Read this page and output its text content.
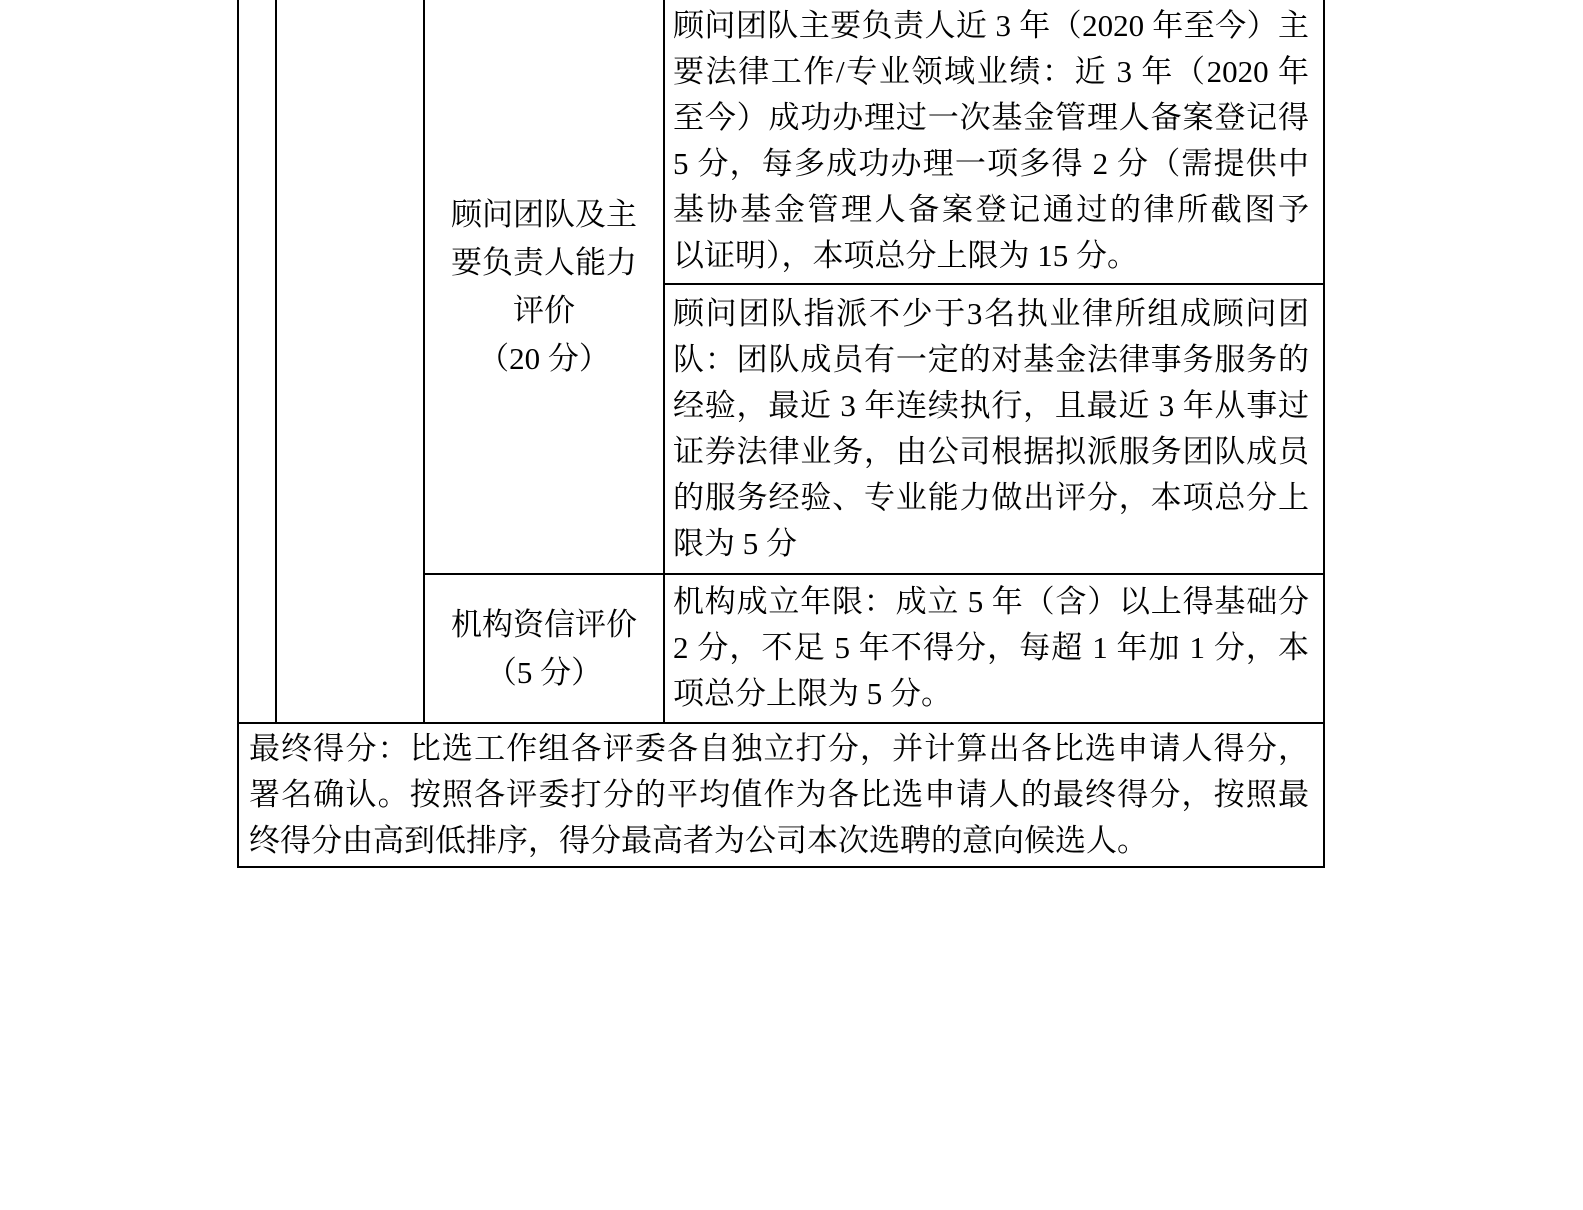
顾问团队及主
要负责人能力
评价
（20 分）
机构资信评价
（5 分）
顾问团队主要负责人近 3 年（2020 年至今）主
要法律工作/专业领域业绩：近 3 年（2020 年
至今）成功办理过一次基金管理人备案登记得
5 分，每多成功办理一项多得 2 分（需提供中
基协基金管理人备案登记通过的律所截图予
以证明），本项总分上限为 15 分。
顾问团队指派不少于3名执业律所组成顾问团
队：团队成员有一定的对基金法律事务服务的
经验，最近 3 年连续执行，且最近 3 年从事过
证券法律业务，由公司根据拟派服务团队成员
的服务经验、专业能力做出评分，本项总分上
限为 5 分
机构成立年限：成立 5 年（含）以上得基础分
2 分，不足 5 年不得分，每超 1 年加 1 分，本
项总分上限为 5 分。
最终得分：比选工作组各评委各自独立打分，并计算出各比选申请人得分，
署名确认。按照各评委打分的平均值作为各比选申请人的最终得分，按照最
终得分由高到低排序，得分最高者为公司本次选聘的意向候选人。
